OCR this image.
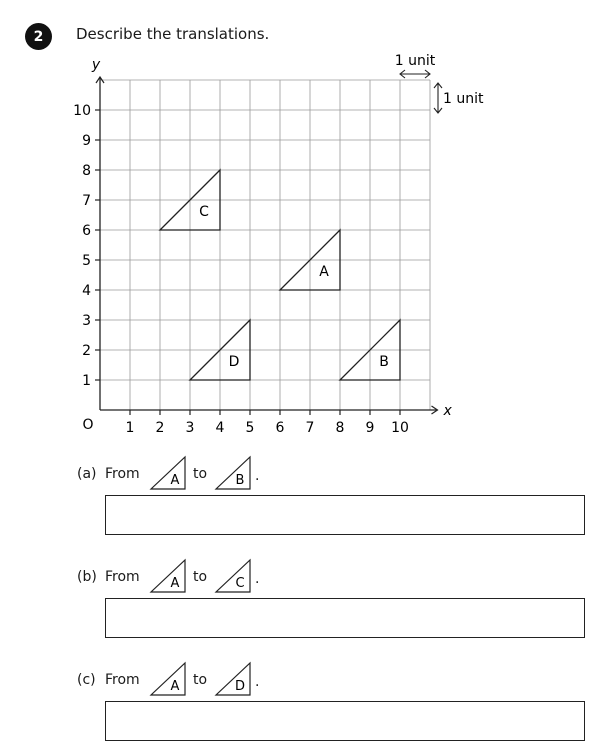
2	Describe the translations.
x
y
O 1 2 3 4 5 6 7 8 9 10
1
2
3
4
5
6
7
8
9
10
A
B
C
D
1 unit
1 unit
(a) From A to B .
(b) From A to C .
(c) From A to D .
